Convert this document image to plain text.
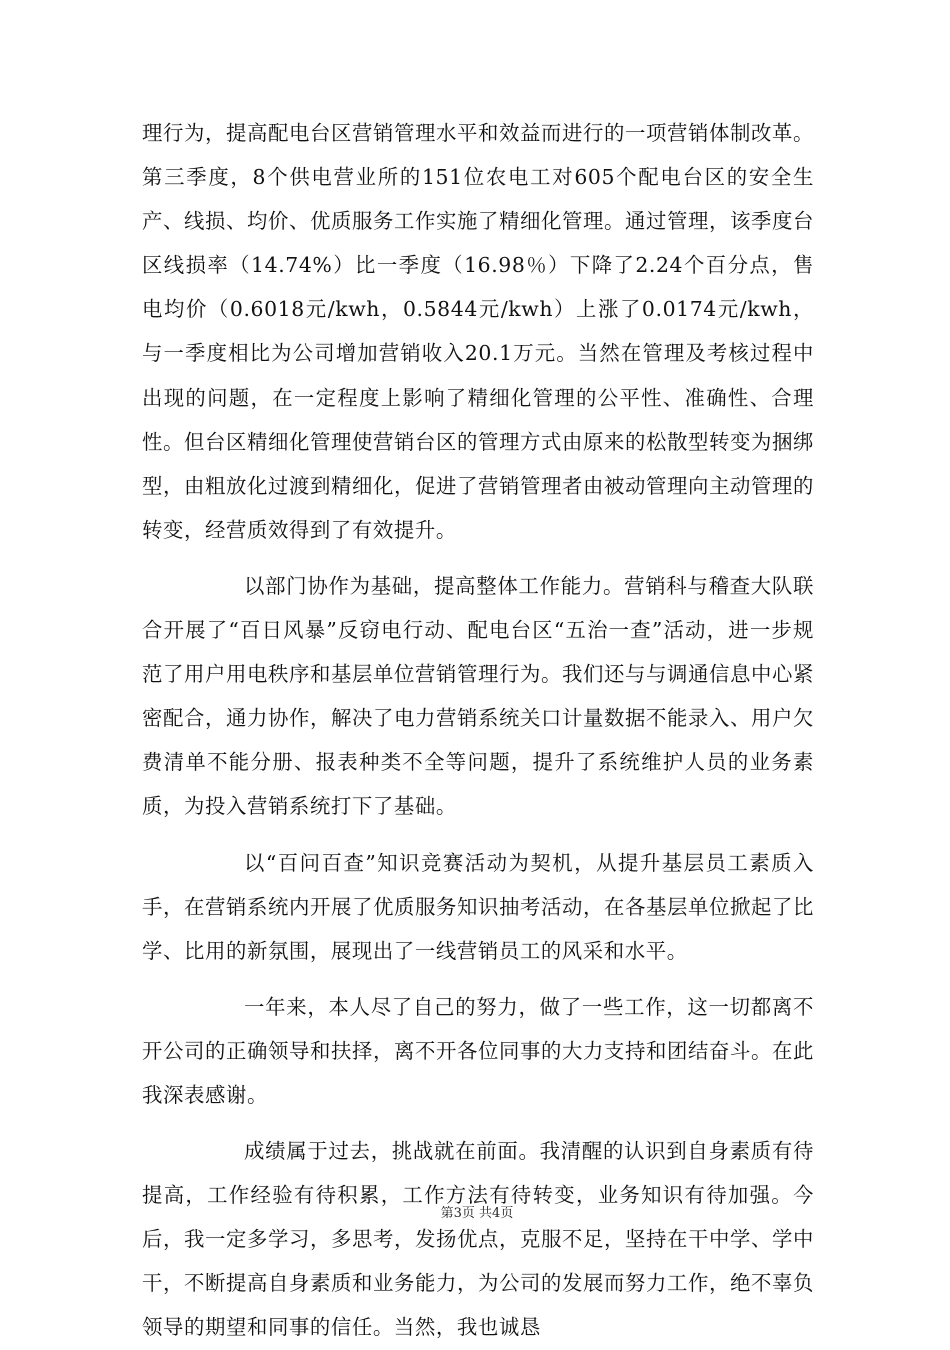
理行为，提高配电台区营销管理水平和效益而进行的一项营销体制改革。第三季度，8个供电营业所的151位农电工对605个配电台区的安全生产、线损、均价、优质服务工作实施了精细化管理。通过管理，该季度台区线损率（14.74%）比一季度（16.98％）下降了2.24个百分点，售电均价（0.6018元/kwh，0.5844元/kwh）上涨了0.0174元/kwh，与一季度相比为公司增加营销收入20.1万元。当然在管理及考核过程中出现的问题，在一定程度上影响了精细化管理的公平性、准确性、合理性。但台区精细化管理使营销台区的管理方式由原来的松散型转变为捆绑型，由粗放化过渡到精细化，促进了营销管理者由被动管理向主动管理的转变，经营质效得到了有效提升。

以部门协作为基础，提高整体工作能力。营销科与稽查大队联合开展了“百日风暴”反窃电行动、配电台区“五治一查”活动，进一步规范了用户用电秩序和基层单位营销管理行为。我们还与与调通信息中心紧密配合，通力协作，解决了电力营销系统关口计量数据不能录入、用户欠费清单不能分册、报表种类不全等问题，提升了系统维护人员的业务素质，为投入营销系统打下了基础。

以“百问百查”知识竞赛活动为契机，从提升基层员工素质入手，在营销系统内开展了优质服务知识抽考活动，在各基层单位掀起了比学、比用的新氛围，展现出了一线营销员工的风采和水平。

一年来，本人尽了自己的努力，做了一些工作，这一切都离不开公司的正确领导和扶择，离不开各位同事的大力支持和团结奋斗。在此我深表感谢。

成绩属于过去，挑战就在前面。我清醒的认识到自身素质有待提高，工作经验有待积累，工作方法有待转变，业务知识有待加强。今后，我一定多学习，多思考，发扬优点，克服不足，坚持在干中学、学中干，不断提高自身素质和业务能力，为公司的发展而努力工作，绝不辜负领导的期望和同事的信任。当然，我也诚恳

第3页 共4页
